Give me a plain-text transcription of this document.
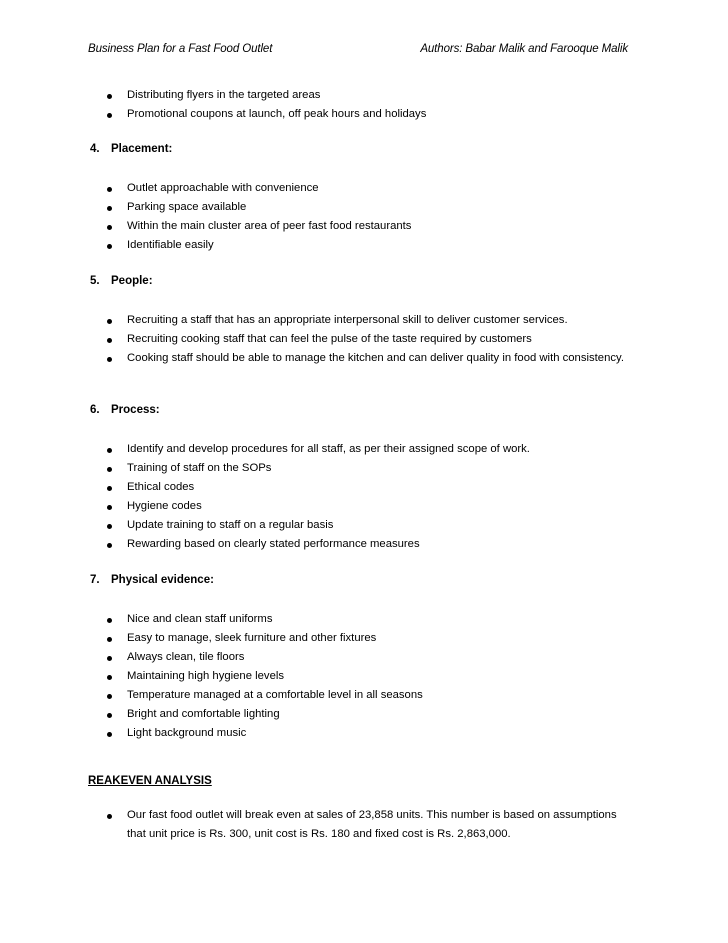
Business Plan for a Fast Food Outlet	Authors: Babar Malik and Farooque Malik
Distributing flyers in the targeted areas
Promotional coupons at launch, off peak hours and holidays
4. Placement:
Outlet approachable with convenience
Parking space available
Within the main cluster area of peer fast food restaurants
Identifiable easily
5. People:
Recruiting a staff that has an appropriate interpersonal skill to deliver customer services.
Recruiting cooking staff that can feel the pulse of the taste required by customers
Cooking staff should be able to manage the kitchen and can deliver quality in food with consistency.
6. Process:
Identify and develop procedures for all staff, as per their assigned scope of work.
Training of staff on the SOPs
Ethical codes
Hygiene codes
Update training to staff on a regular basis
Rewarding based on clearly stated performance measures
7. Physical evidence:
Nice and clean staff uniforms
Easy to manage, sleek furniture and other fixtures
Always clean, tile floors
Maintaining high hygiene levels
Temperature managed at a comfortable level in all seasons
Bright and comfortable lighting
Light background music
REAKEVEN ANALYSIS
Our fast food outlet will break even at sales of 23,858 units. This number is based on assumptions that unit price is Rs. 300, unit cost is Rs. 180 and fixed cost is Rs. 2,863,000.
